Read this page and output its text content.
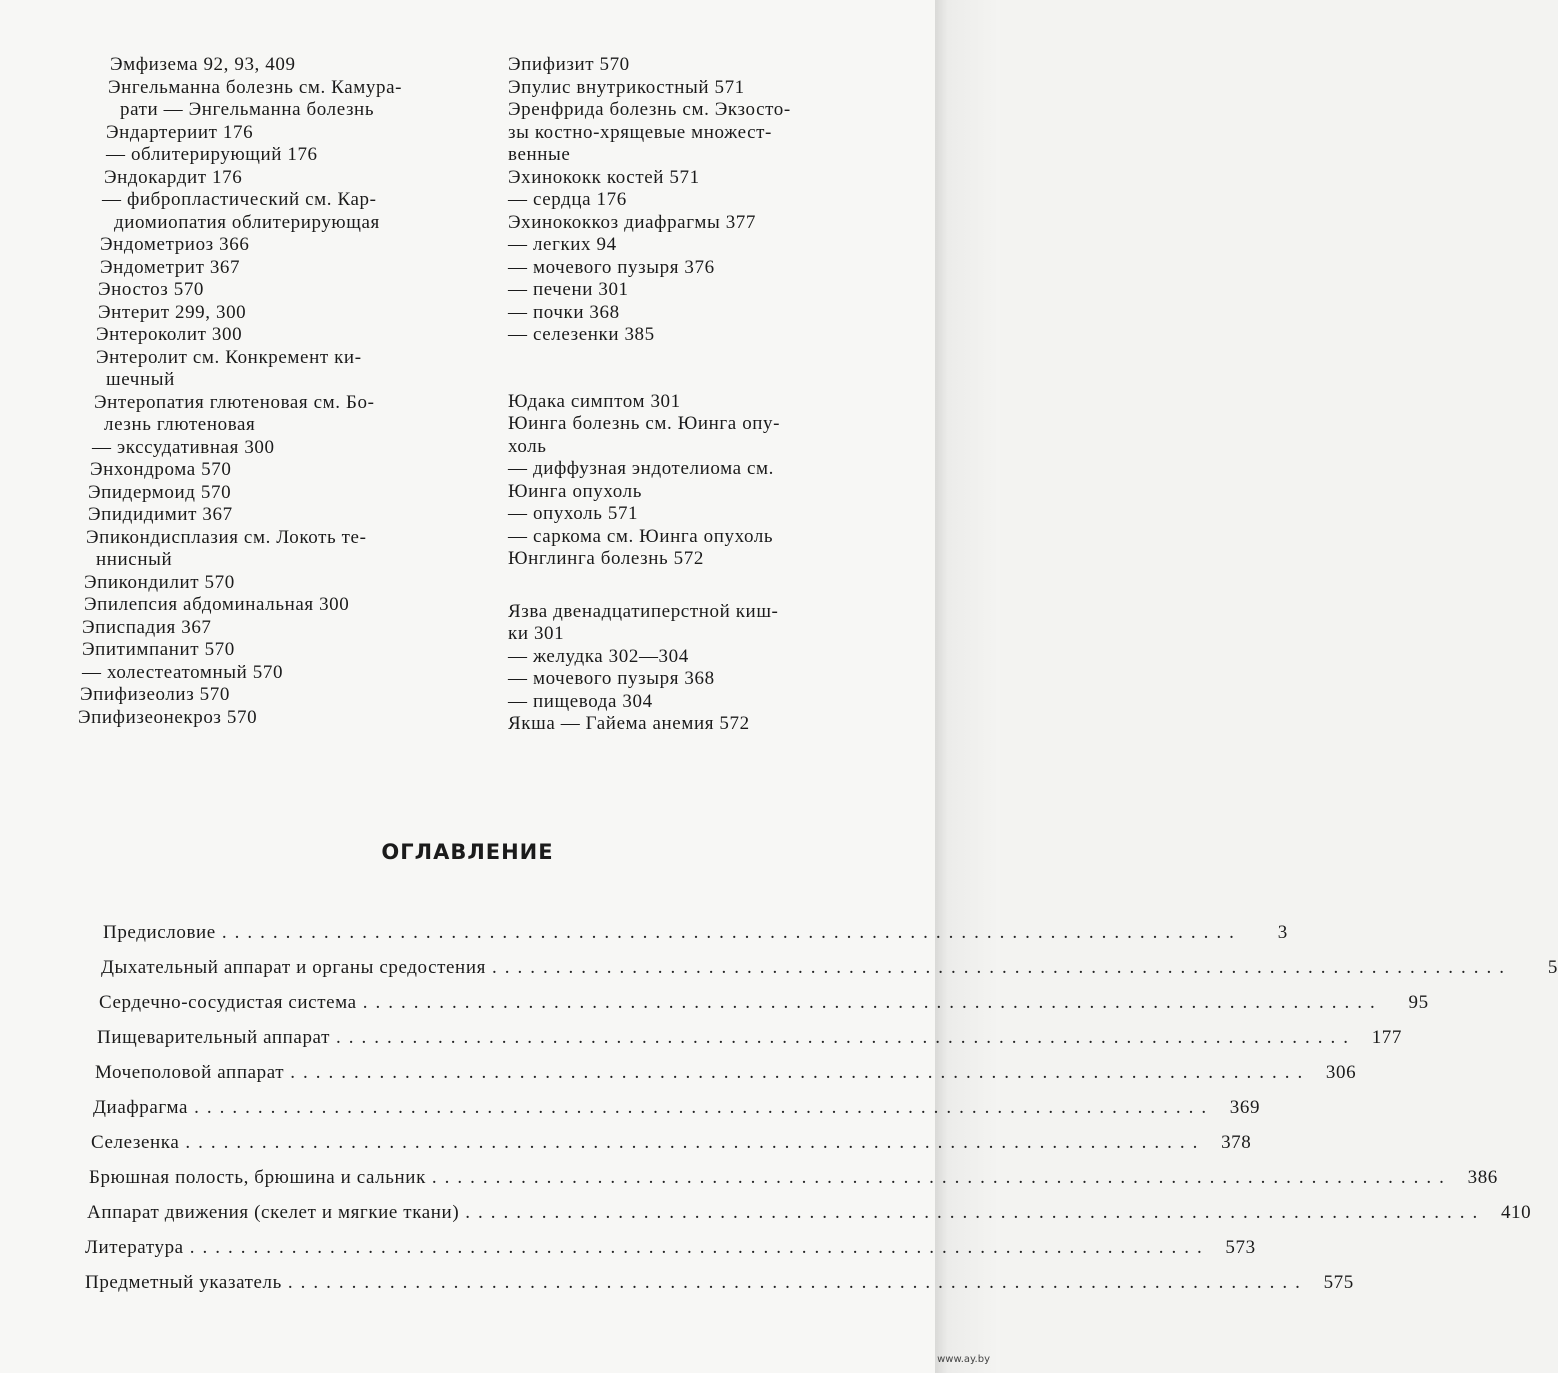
Эмфизема 92, 93, 409
Энгельманна болезнь см. Камура-
рати — Энгельманна болезнь
Эндартериит 176
— облитерирующий 176
Эндокардит 176
— фибропластический см. Кар-
диомиопатия облитерирующая
Эндометриоз 366
Эндометрит 367
Эностоз 570
Энтерит 299, 300
Энтероколит 300
Энтеролит см. Конкремент ки-
шечный
Энтеропатия глютеновая см. Бо-
лезнь глютеновая
— экссудативная 300
Энхондрома 570
Эпидермоид 570
Эпидидимит 367
Эпикондисплазия см. Локоть те-
ннисный
Эпикондилит 570
Эпилепсия абдоминальная 300
Эписпадия 367
Эпитимпанит 570
— холестеатомный 570
Эпифизеолиз 570
Эпифизеонекроз 570
Эпифизит 570
Эпулис внутрикостный 571
Эренфрида болезнь см. Экзосто-
зы костно-хрящевые множест-
венные
Эхинококк костей 571
— сердца 176
Эхинококкоз диафрагмы 377
— легких 94
— мочевого пузыря 376
— печени 301
— почки 368
— селезенки 385
Юдака симптом 301
Юинга болезнь см. Юинга опу-
холь
— диффузная эндотелиома см.
Юинга опухоль
— опухоль 571
— саркома см. Юинга опухоль
Юнглинга болезнь 572
Язва двенадцатиперстной киш-
ки 301
— желудка 302—304
— мочевого пузыря 368
— пищевода 304
Якша — Гайема анемия 572
ОГЛАВЛЕНИЕ
Предисловие ................................................................................	3
Дыхательный аппарат и органы средостения ................................................................................	5
Сердечно-сосудистая система ................................................................................	95
Пищеварительный аппарат ................................................................................ 177
Мочеполовой аппарат ................................................................................ 306
Диафрагма ................................................................................ 369
Селезенка ................................................................................ 378
Брюшная полость, брюшина и сальник ................................................................................ 386
Аппарат движения (скелет и мягкие ткани) ................................................................................ 410
Литература ................................................................................ 573
Предметный указатель ................................................................................ 575
www.ay.by
